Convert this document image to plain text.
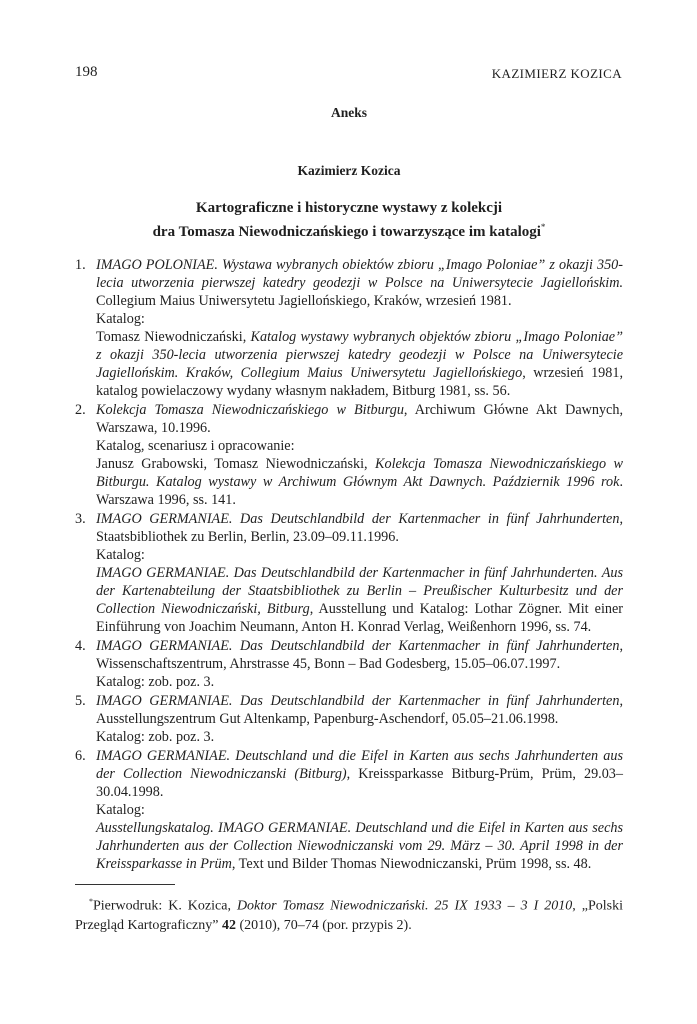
198	KAZIMIERZ KOZICA
Aneks
Kazimierz Kozica
Kartograficzne i historyczne wystawy z kolekcji
dra Tomasza Niewodniczańskiego i towarzyszące im katalogi*
1. IMAGO POLONIAE. Wystawa wybranych obiektów zbioru „Imago Poloniae” z okazji 350-lecia utworzenia pierwszej katedry geodezji w Polsce na Uniwersytecie Jagiellońskim. Collegium Maius Uniwersytetu Jagiellońskiego, Kraków, wrzesień 1981.

Katalog:

Tomasz Niewodniczański, Katalog wystawy wybranych objektów zbioru „Imago Poloniae” z okazji 350-lecia utworzenia pierwszej katedry geodezji w Polsce na Uniwersytecie Jagiellońskim. Kraków, Collegium Maius Uniwersytetu Jagiellońskiego, wrzesień 1981, katalog powielaczowy wydany własnym nakładem, Bitburg 1981, ss. 56.

2. Kolekcja Tomasza Niewodniczańskiego w Bitburgu, Archiwum Główne Akt Dawnych, Warszawa, 10.1996.

Katalog, scenariusz i opracowanie:

Janusz Grabowski, Tomasz Niewodniczański, Kolekcja Tomasza Niewodniczańskiego w Bitburgu. Katalog wystawy w Archiwum Głównym Akt Dawnych. Październik 1996 rok. Warszawa 1996, ss. 141.

3. IMAGO GERMANIAE. Das Deutschlandbild der Kartenmacher in fünf Jahrhunderten, Staatsbibliothek zu Berlin, Berlin, 23.09–09.11.1996.

Katalog:

IMAGO GERMANIAE. Das Deutschlandbild der Kartenmacher in fünf Jahrhunderten. Aus der Kartenabteilung der Staatsbibliothek zu Berlin – Preußischer Kulturbesitz und der Collection Niewodniczański, Bitburg, Ausstellung und Katalog: Lothar Zögner. Mit einer Einführung von Joachim Neumann, Anton H. Konrad Verlag, Weißenhorn 1996, ss. 74.

4. IMAGO GERMANIAE. Das Deutschlandbild der Kartenmacher in fünf Jahrhunderten, Wissenschaftszentrum, Ahrstrasse 45, Bonn – Bad Godesberg, 15.05–06.07.1997.

Katalog: zob. poz. 3.

5. IMAGO GERMANIAE. Das Deutschlandbild der Kartenmacher in fünf Jahrhunderten, Ausstellungszentrum Gut Altenkamp, Papenburg-Aschendorf, 05.05–21.06.1998.

Katalog: zob. poz. 3.

6. IMAGO GERMANIAE. Deutschland und die Eifel in Karten aus sechs Jahrhunderten aus der Collection Niewodniczanski (Bitburg), Kreissparkasse Bitburg-Prüm, Prüm, 29.03–30.04.1998.

Katalog:

Ausstellungskatalog. IMAGO GERMANIAE. Deutschland und die Eifel in Karten aus sechs Jahrhunderten aus der Collection Niewodniczanski vom 29. März – 30. April 1998 in der Kreissparkasse in Prüm, Text und Bilder Thomas Niewodniczanski, Prüm 1998, ss. 48.

*Pierwodruk: K. Kozica, Doktor Tomasz Niewodniczański. 25 IX 1933 – 3 I 2010, „Polski Przegląd Kartograficzny” 42 (2010), 70–74 (por. przypis 2).
